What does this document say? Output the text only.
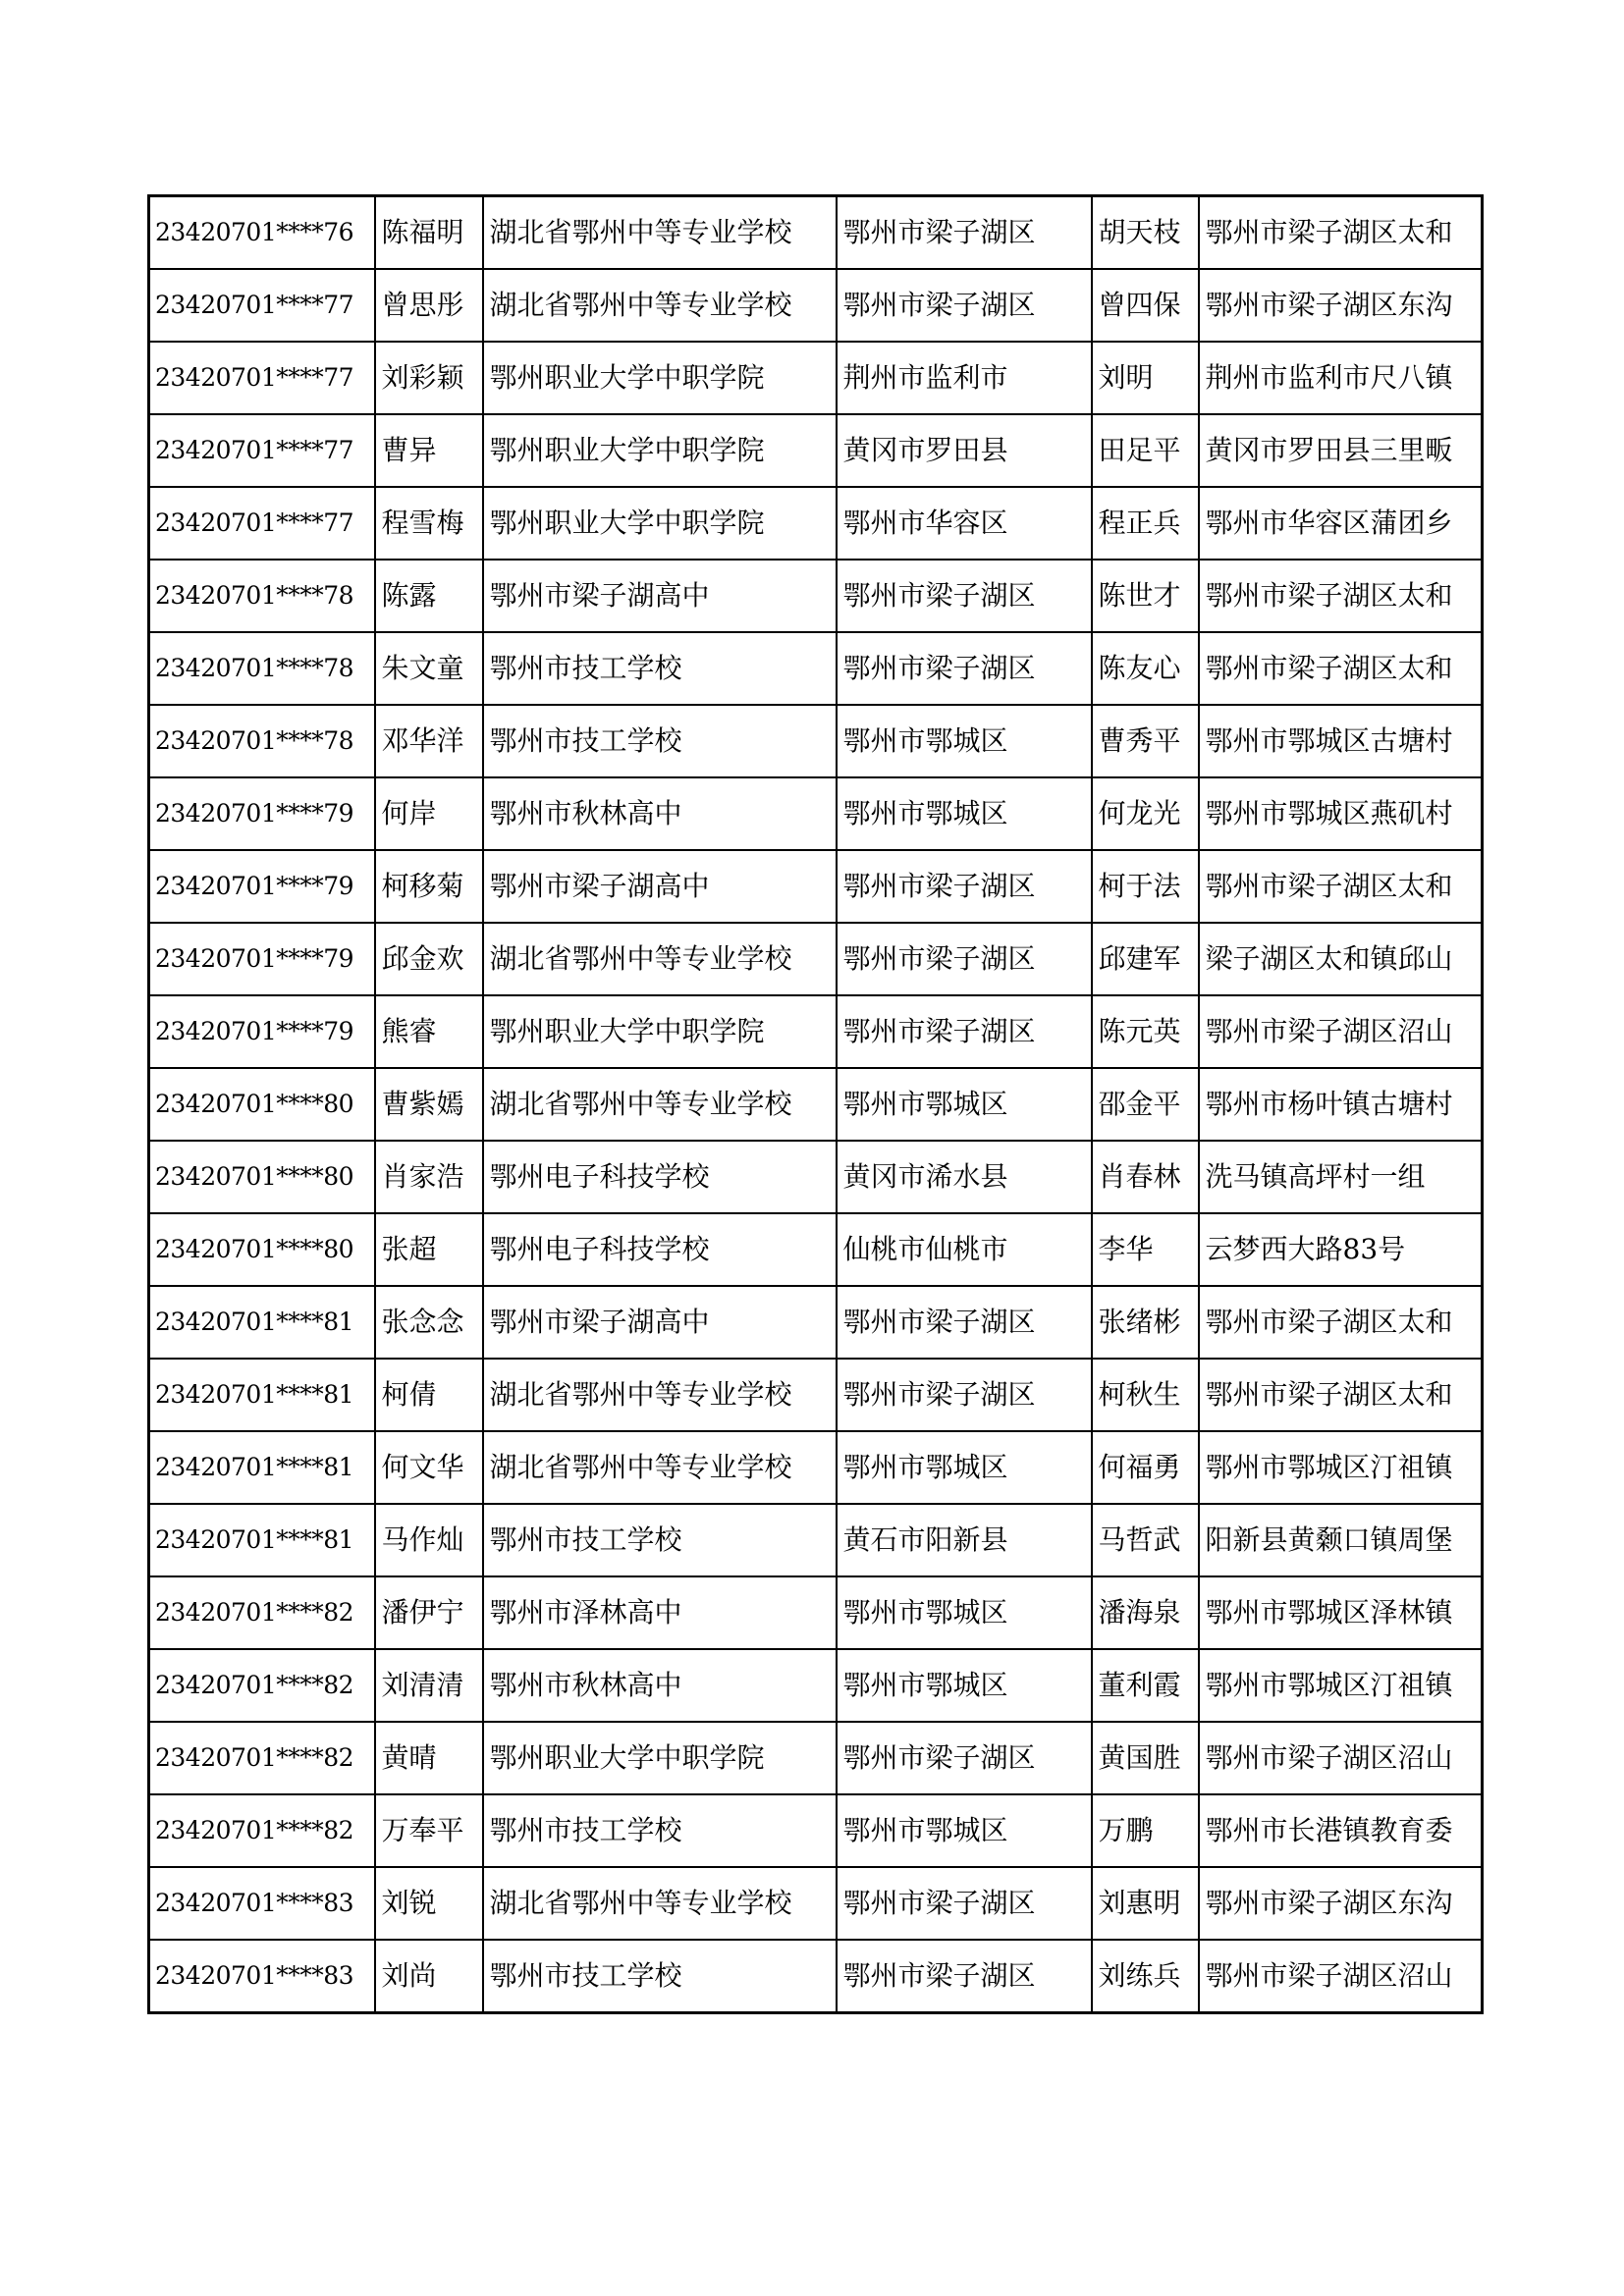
23420701****76	陈福明	湖北省鄂州中等专业学校	鄂州市梁子湖区	胡天枝	鄂州市梁子湖区太和
23420701****77	曾思彤	湖北省鄂州中等专业学校	鄂州市梁子湖区	曾四保	鄂州市梁子湖区东沟
23420701****77	刘彩颖	鄂州职业大学中职学院	荆州市监利市	刘明	荆州市监利市尺八镇
23420701****77	曹异	鄂州职业大学中职学院	黄冈市罗田县	田足平	黄冈市罗田县三里畈
23420701****77	程雪梅	鄂州职业大学中职学院	鄂州市华容区	程正兵	鄂州市华容区蒲团乡
23420701****78	陈露	鄂州市梁子湖高中	鄂州市梁子湖区	陈世才	鄂州市梁子湖区太和
23420701****78	朱文童	鄂州市技工学校	鄂州市梁子湖区	陈友心	鄂州市梁子湖区太和
23420701****78	邓华洋	鄂州市技工学校	鄂州市鄂城区	曹秀平	鄂州市鄂城区古塘村
23420701****79	何岸	鄂州市秋林高中	鄂州市鄂城区	何龙光	鄂州市鄂城区燕矶村
23420701****79	柯移菊	鄂州市梁子湖高中	鄂州市梁子湖区	柯于法	鄂州市梁子湖区太和
23420701****79	邱金欢	湖北省鄂州中等专业学校	鄂州市梁子湖区	邱建军	梁子湖区太和镇邱山
23420701****79	熊睿	鄂州职业大学中职学院	鄂州市梁子湖区	陈元英	鄂州市梁子湖区沼山
23420701****80	曹紫嫣	湖北省鄂州中等专业学校	鄂州市鄂城区	邵金平	鄂州市杨叶镇古塘村
23420701****80	肖家浩	鄂州电子科技学校	黄冈市浠水县	肖春林	洗马镇高坪村一组
23420701****80	张超	鄂州电子科技学校	仙桃市仙桃市	李华	云梦西大路83号
23420701****81	张念念	鄂州市梁子湖高中	鄂州市梁子湖区	张绪彬	鄂州市梁子湖区太和
23420701****81	柯倩	湖北省鄂州中等专业学校	鄂州市梁子湖区	柯秋生	鄂州市梁子湖区太和
23420701****81	何文华	湖北省鄂州中等专业学校	鄂州市鄂城区	何福勇	鄂州市鄂城区汀祖镇
23420701****81	马作灿	鄂州市技工学校	黄石市阳新县	马哲武	阳新县黄颡口镇周堡
23420701****82	潘伊宁	鄂州市泽林高中	鄂州市鄂城区	潘海泉	鄂州市鄂城区泽林镇
23420701****82	刘清清	鄂州市秋林高中	鄂州市鄂城区	董利霞	鄂州市鄂城区汀祖镇
23420701****82	黄晴	鄂州职业大学中职学院	鄂州市梁子湖区	黄国胜	鄂州市梁子湖区沼山
23420701****82	万奉平	鄂州市技工学校	鄂州市鄂城区	万鹏	鄂州市长港镇教育委
23420701****83	刘锐	湖北省鄂州中等专业学校	鄂州市梁子湖区	刘惠明	鄂州市梁子湖区东沟
23420701****83	刘尚	鄂州市技工学校	鄂州市梁子湖区	刘练兵	鄂州市梁子湖区沼山
